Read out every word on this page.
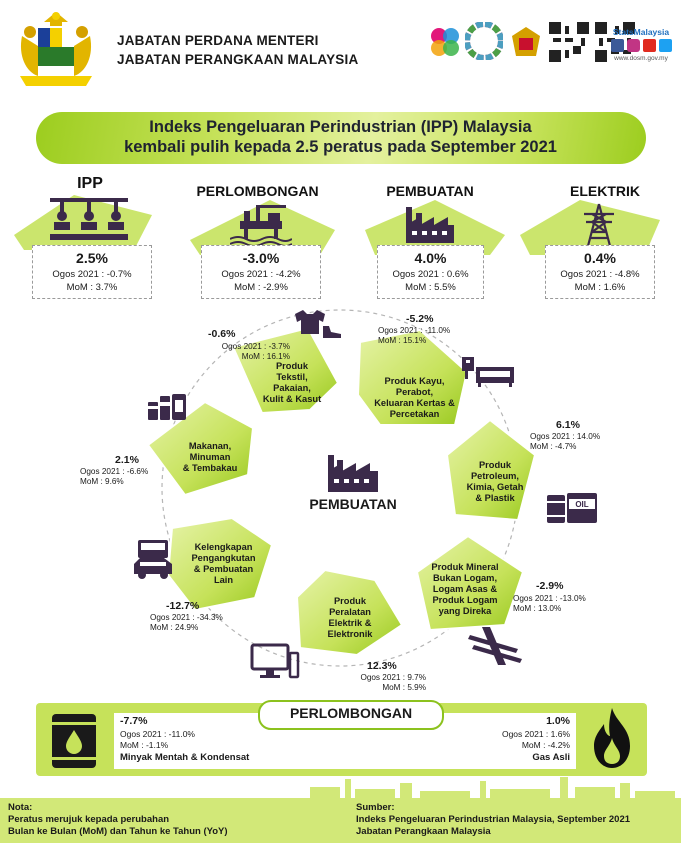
JABATAN PERDANA MENTERI
JABATAN PERANGKAAN MALAYSIA
StatsMalaysia
www.dosm.gov.my
Indeks Pengeluaran Perindustrian (IPP) Malaysia
kembali pulih kepada 2.5 peratus pada September 2021
IPP
2.5%
Ogos 2021 : -0.7%
MoM : 3.7%
PERLOMBONGAN
-3.0%
Ogos 2021 : -4.2%
MoM : -2.9%
PEMBUATAN
4.0%
Ogos 2021 : 0.6%
MoM : 5.5%
ELEKTRIK
0.4%
Ogos 2021 : -4.8%
MoM : 1.6%
PEMBUATAN
Produk
Tekstil,
Pakaian,
Kulit & Kasut
Produk Kayu,
Perabot,
Keluaran Kertas &
Percetakan
Produk
Petroleum,
Kimia, Getah
& Plastik
Produk Mineral
Bukan Logam,
Logam Asas &
Produk Logam
yang Direka
Produk
Peralatan
Elektrik &
Elektronik
Kelengkapan
Pengangkutan
& Pembuatan
Lain
Makanan,
Minuman
& Tembakau
-0.6%
Ogos 2021 : -3.7%
MoM : 16.1%
-5.2%
Ogos 2021 : -11.0%
MoM : 15.1%
6.1%
Ogos 2021 : 14.0%
MoM : -4.7%
OIL
-2.9%
Ogos 2021 : -13.0%
MoM : 13.0%
12.3%
Ogos 2021 : 9.7%
MoM : 5.9%
-12.7%
Ogos 2021 : -34.3%
MoM : 24.9%
2.1%
Ogos 2021 : -6.6%
MoM : 9.6%
PERLOMBONGAN
-7.7%
Ogos 2021 : -11.0%
MoM : -1.1%
Minyak Mentah & Kondensat
1.0%
Ogos 2021 : 1.6%
MoM : -4.2%
Gas Asli
Nota:
Peratus merujuk kepada perubahan
Bulan ke Bulan (MoM) dan Tahun ke Tahun (YoY)
Sumber:
Indeks Pengeluaran Perindustrian Malaysia, September 2021
Jabatan Perangkaan Malaysia
